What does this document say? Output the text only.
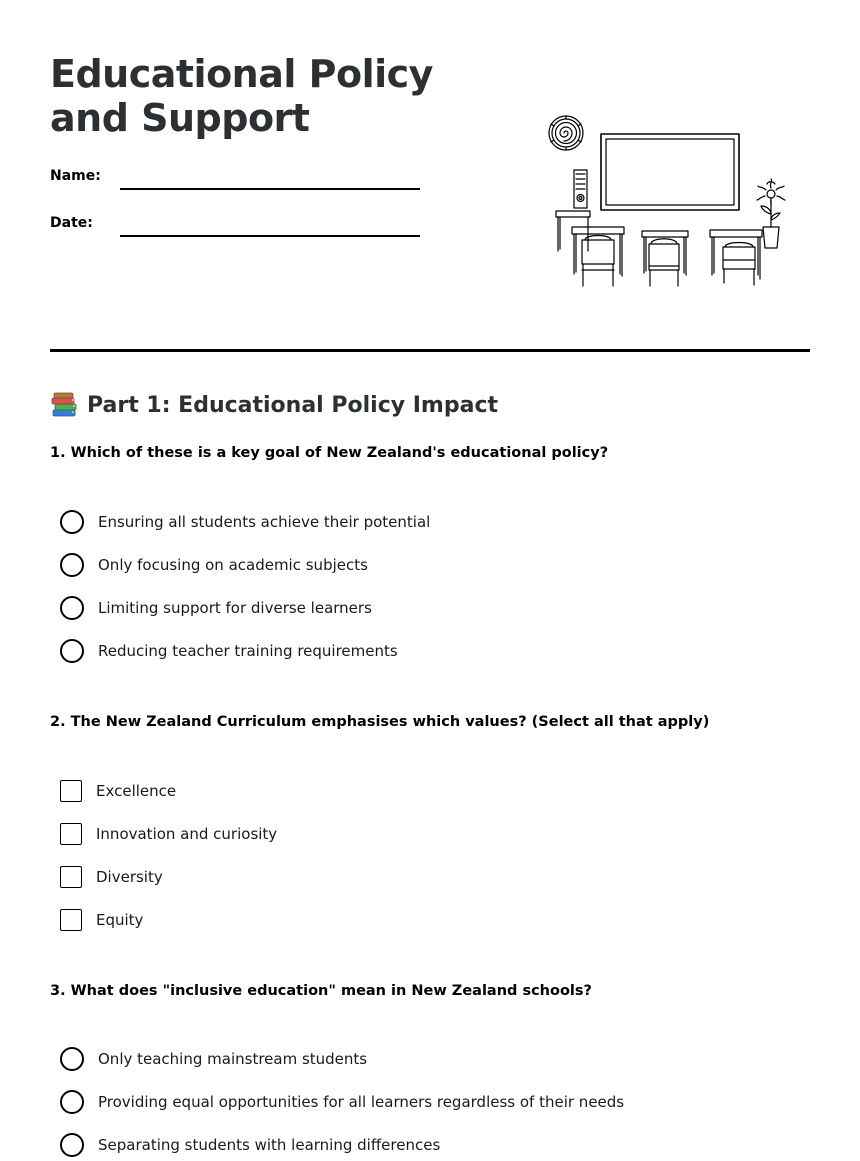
Educational Policy and Support
Name:
Date:
Part 1: Educational Policy Impact

1. Which of these is a key goal of New Zealand's educational policy?

Ensuring all students achieve their potential
Only focusing on academic subjects
Limiting support for diverse learners
Reducing teacher training requirements

2. The New Zealand Curriculum emphasises which values? (Select all that apply)

Excellence
Innovation and curiosity
Diversity
Equity

3. What does "inclusive education" mean in New Zealand schools?

Only teaching mainstream students
Providing equal opportunities for all learners regardless of their needs
Separating students with learning differences
